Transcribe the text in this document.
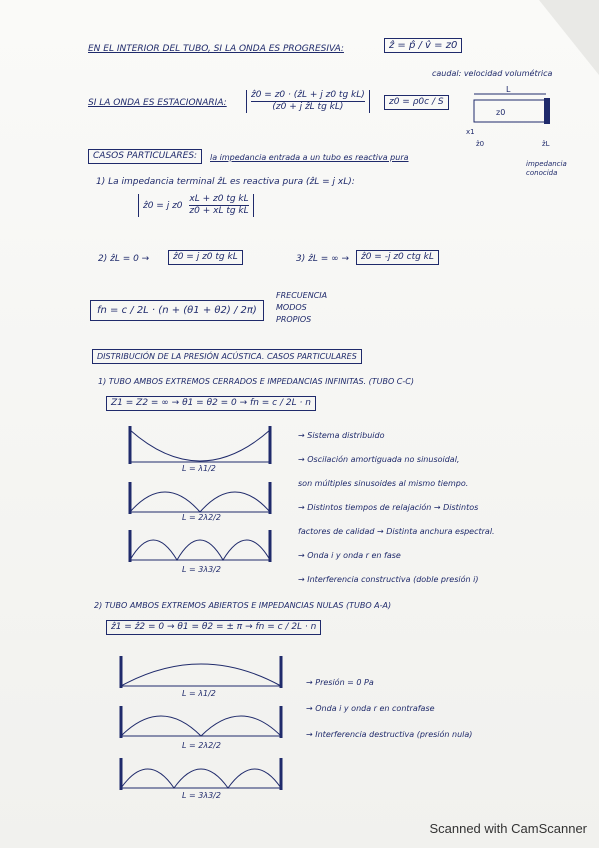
EN EL INTERIOR DEL TUBO, SI LA ONDA ES PROGRESIVA:	ẑ = p̂ / v̂ = z0
caudal: velocidad volumétrica
SI LA ONDA ES ESTACIONARIA: $\frac{\text{ẑ0 = z0 · (ẑL + j z0 tg kL)}}{\text{(z0 + j ẑL tg kL)}}$	z0 = ρ0c / S
L
z0
x1
ẑ0	ẑL
impedancia conocida
CASOS PARTICULARES:	la impedancia entrada a un tubo es reactiva pura
1) La impedancia terminal ẑL es reactiva pura (ẑL = j xL):
ẑ0 = j $z0 \frac{\text{xL + z0 tg kL}}{\text{z0 + xL tg kL}}$
2) ẑL = 0 →	ẑ0 = j z0 tg kL	3) ẑL = ∞ →	ẑ0 = -j z0 ctg kL
fn = c / 2L · (n + (θ1 + θ2) / 2π)
FRECUENCIA
MODOS
PROPIOS
DISTRIBUCIÓN DE LA PRESIÓN ACÚSTICA. CASOS PARTICULARES
1) TUBO AMBOS EXTREMOS CERRADOS E IMPEDANCIAS INFINITAS. (TUBO C-C)
Z1 = Z2 = ∞ → θ1 = θ2 = 0 → fn = c / 2L · n
L = λ1/2
L = 2λ2/2
L = 3λ3/2
→ Sistema distribuido
→ Oscilación amortiguada no sinusoidal,
son múltiples sinusoides al mismo tiempo.
→ Distintos tiempos de relajación → Distintos
factores de calidad → Distinta anchura espectral.
→ Onda i y onda r en fase
→ Interferencia constructiva (doble presión i)
2) TUBO AMBOS EXTREMOS ABIERTOS E IMPEDANCIAS NULAS (TUBO A-A)
ẑ1 = ẑ2 = 0 → θ1 = θ2 = ± π → fn = c / 2L · n
L = λ1/2
L = 2λ2/2
L = 3λ3/2
→ Presión = 0 Pa
→ Onda i y onda r en contrafase
→ Interferencia destructiva (presión nula)
Scanned with CamScanner
